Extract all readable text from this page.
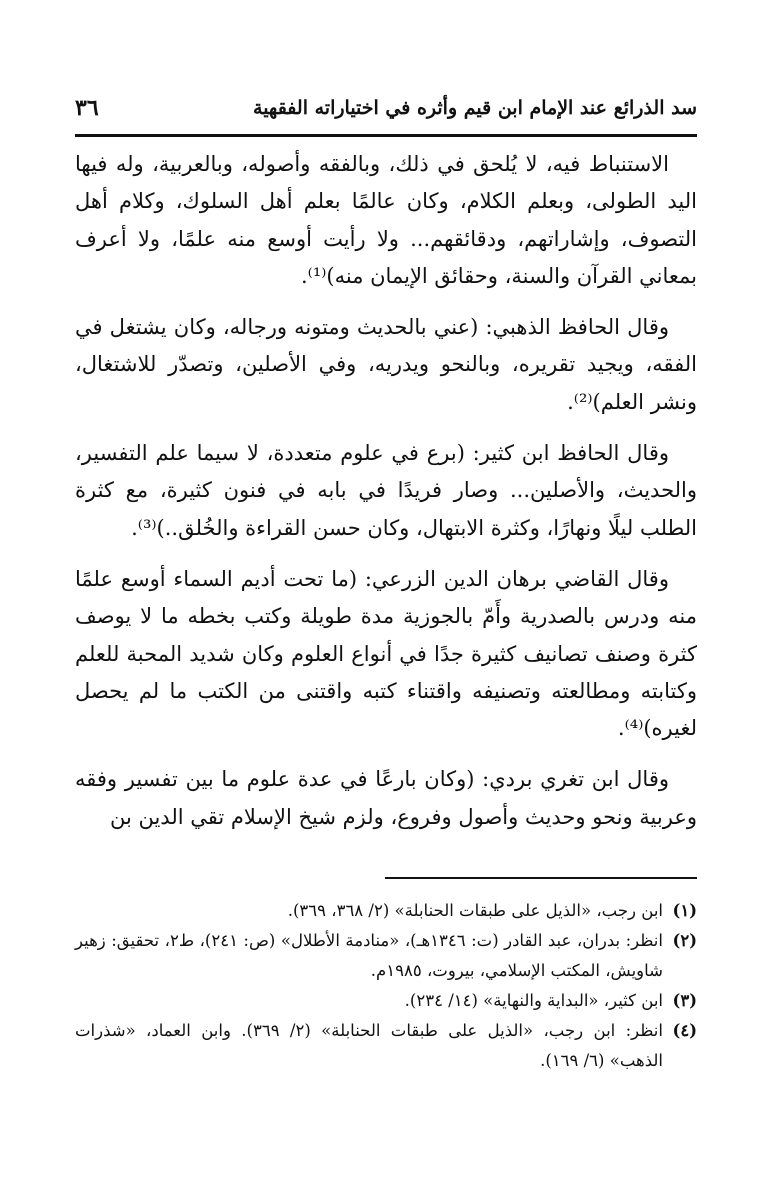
٣٦	سد الذرائع عند الإمام ابن قيم وأثره في اختياراته الفقهية

الاستنباط فيه، لا يُلحق في ذلك، وبالفقه وأصوله، وبالعربية، وله فيها اليد الطولى، وبعلم الكلام، وكان عالمًا بعلم أهل السلوك، وكلام أهل التصوف، وإشاراتهم، ودقائقهم... ولا رأيت أوسع منه علمًا، ولا أعرف بمعاني القرآن والسنة، وحقائق الإيمان منه)⁽¹⁾.

وقال الحافظ الذهبي: (عني بالحديث ومتونه ورجاله، وكان يشتغل في الفقه، ويجيد تقريره، وبالنحو ويدريه، وفي الأصلين، وتصدّر للاشتغال، ونشر العلم)⁽²⁾.

وقال الحافظ ابن كثير: (برع في علوم متعددة، لا سيما علم التفسير، والحديث، والأصلين... وصار فريدًا في بابه في فنون كثيرة، مع كثرة الطلب ليلًا ونهارًا، وكثرة الابتهال، وكان حسن القراءة والخُلق..)⁽³⁾.

وقال القاضي برهان الدين الزرعي: (ما تحت أديم السماء أوسع علمًا منه ودرس بالصدرية وأَمّ بالجوزية مدة طويلة وكتب بخطه ما لا يوصف كثرة وصنف تصانيف كثيرة جدًا في أنواع العلوم وكان شديد المحبة للعلم وكتابته ومطالعته وتصنيفه واقتناء كتبه واقتنى من الكتب ما لم يحصل لغيره)⁽⁴⁾.

وقال ابن تغري بردي: (وكان بارعًا في عدة علوم ما بين تفسير وفقه وعربية ونحو وحديث وأصول وفروع، ولزم شيخ الإسلام تقي الدين بن

(١)
ابن رجب، «الذيل على طبقات الحنابلة» (٢/ ٣٦٨، ٣٦٩).
(٢)
انظر: بدران، عبد القادر (ت: ١٣٤٦هـ)، «منادمة الأطلال» (ص: ٢٤١)، ط٢، تحقيق: زهير شاويش، المكتب الإسلامي، بيروت، ١٩٨٥م.
(٣)
ابن كثير، «البداية والنهاية» (١٤/ ٢٣٤).
(٤)
انظر: ابن رجب، «الذيل على طبقات الحنابلة» (٢/ ٣٦٩). وابن العماد، «شذرات الذهب» (٦/ ١٦٩).
